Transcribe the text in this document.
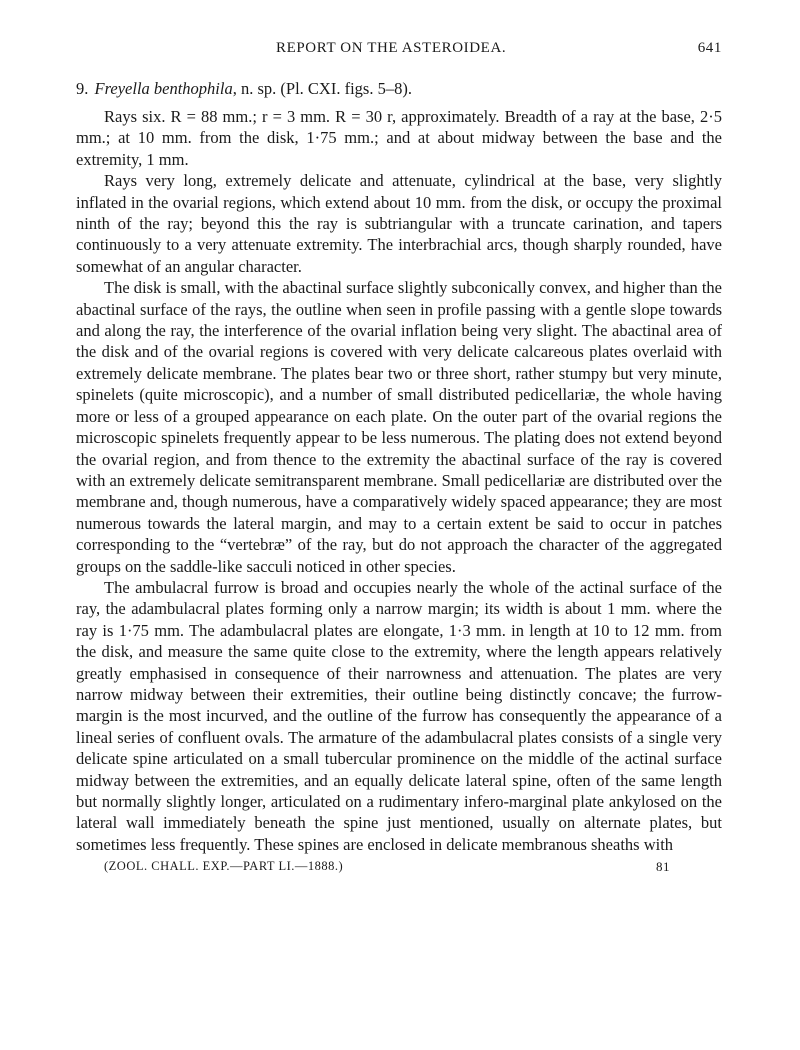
REPORT ON THE ASTEROIDEA.	641
9. Freyella benthophila, n. sp. (Pl. CXI. figs. 5–8).

Rays six. R = 88 mm.; r = 3 mm. R = 30 r, approximately. Breadth of a ray at the base, 2·5 mm.; at 10 mm. from the disk, 1·75 mm.; and at about midway between the base and the extremity, 1 mm.

Rays very long, extremely delicate and attenuate, cylindrical at the base, very slightly inflated in the ovarial regions, which extend about 10 mm. from the disk, or occupy the proximal ninth of the ray; beyond this the ray is subtriangular with a truncate carination, and tapers continuously to a very attenuate extremity. The interbrachial arcs, though sharply rounded, have somewhat of an angular character.

The disk is small, with the abactinal surface slightly subconically convex, and higher than the abactinal surface of the rays, the outline when seen in profile passing with a gentle slope towards and along the ray, the interference of the ovarial inflation being very slight. The abactinal area of the disk and of the ovarial regions is covered with very delicate calcareous plates overlaid with extremely delicate membrane. The plates bear two or three short, rather stumpy but very minute, spinelets (quite microscopic), and a number of small distributed pedicellariæ, the whole having more or less of a grouped appearance on each plate. On the outer part of the ovarial regions the microscopic spinelets frequently appear to be less numerous. The plating does not extend beyond the ovarial region, and from thence to the extremity the abactinal surface of the ray is covered with an extremely delicate semitransparent membrane. Small pedicellariæ are distributed over the membrane and, though numerous, have a comparatively widely spaced appearance; they are most numerous towards the lateral margin, and may to a certain extent be said to occur in patches corresponding to the “vertebræ” of the ray, but do not approach the character of the aggregated groups on the saddle-like sacculi noticed in other species.

The ambulacral furrow is broad and occupies nearly the whole of the actinal surface of the ray, the adambulacral plates forming only a narrow margin; its width is about 1 mm. where the ray is 1·75 mm. The adambulacral plates are elongate, 1·3 mm. in length at 10 to 12 mm. from the disk, and measure the same quite close to the extremity, where the length appears relatively greatly emphasised in consequence of their narrowness and attenuation. The plates are very narrow midway between their extremities, their outline being distinctly concave; the furrow-margin is the most incurved, and the outline of the furrow has consequently the appearance of a lineal series of confluent ovals. The armature of the adambulacral plates consists of a single very delicate spine articulated on a small tubercular prominence on the middle of the actinal surface midway between the extremities, and an equally delicate lateral spine, often of the same length but normally slightly longer, articulated on a rudimentary infero-marginal plate ankylosed on the lateral wall immediately beneath the spine just mentioned, usually on alternate plates, but sometimes less frequently. These spines are enclosed in delicate membranous sheaths with

(ZOOL. CHALL. EXP.—PART LI.—1888.)	81
